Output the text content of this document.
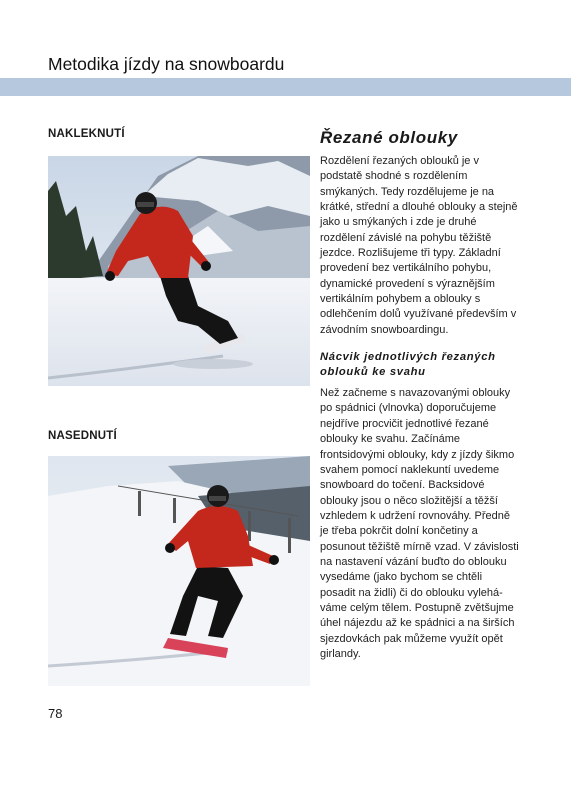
Metodika jízdy na snowboardu
NAKLEKNUTÍ
NASEDNUTÍ
78
Řezané oblouky

Rozdělení řezaných oblouků je v podstatě shodné s rozdělením smýkaných. Tedy rozdělujeme je na krátké, střední a dlouhé oblouky a stejně jako u smýkaných i zde je druhé rozdělení závislé na pohybu těžiště jezdce. Rozlišujeme tři typy. Základní provedení bez vertikálního pohybu, dynamické provedení s výraznějším vertikálním pohybem a oblouky s odlehčením dolů využívané především v závodním snowboardingu.

Nácvik jednotlivých řezaných oblouků ke svahu

Než začneme s navazovanými oblouky po spádnici (vlnovka) doporučujeme nejdříve procvičit jednotlivé řezané oblouky ke svahu. Začínáme frontsidovými oblouky, kdy z jízdy šikmo svahem pomocí naklekuntí uvedeme snowboard do točení. Backsidové oblouky jsou o něco složitější a těžší vzhledem k udržení rovnováhy. Předně je třeba pokrčit dolní končetiny a posunout těžiště mírně vzad. V závislosti na nastavení vázání buďto do oblouku vysedáme (jako bychom se chtěli posadit na židli) či do oblouku vyleháváme celým tělem. Postupně zvětšujme úhel nájezdu až ke spádnici a na širších sjezdovkách pak můžeme využít opět girlandy.
